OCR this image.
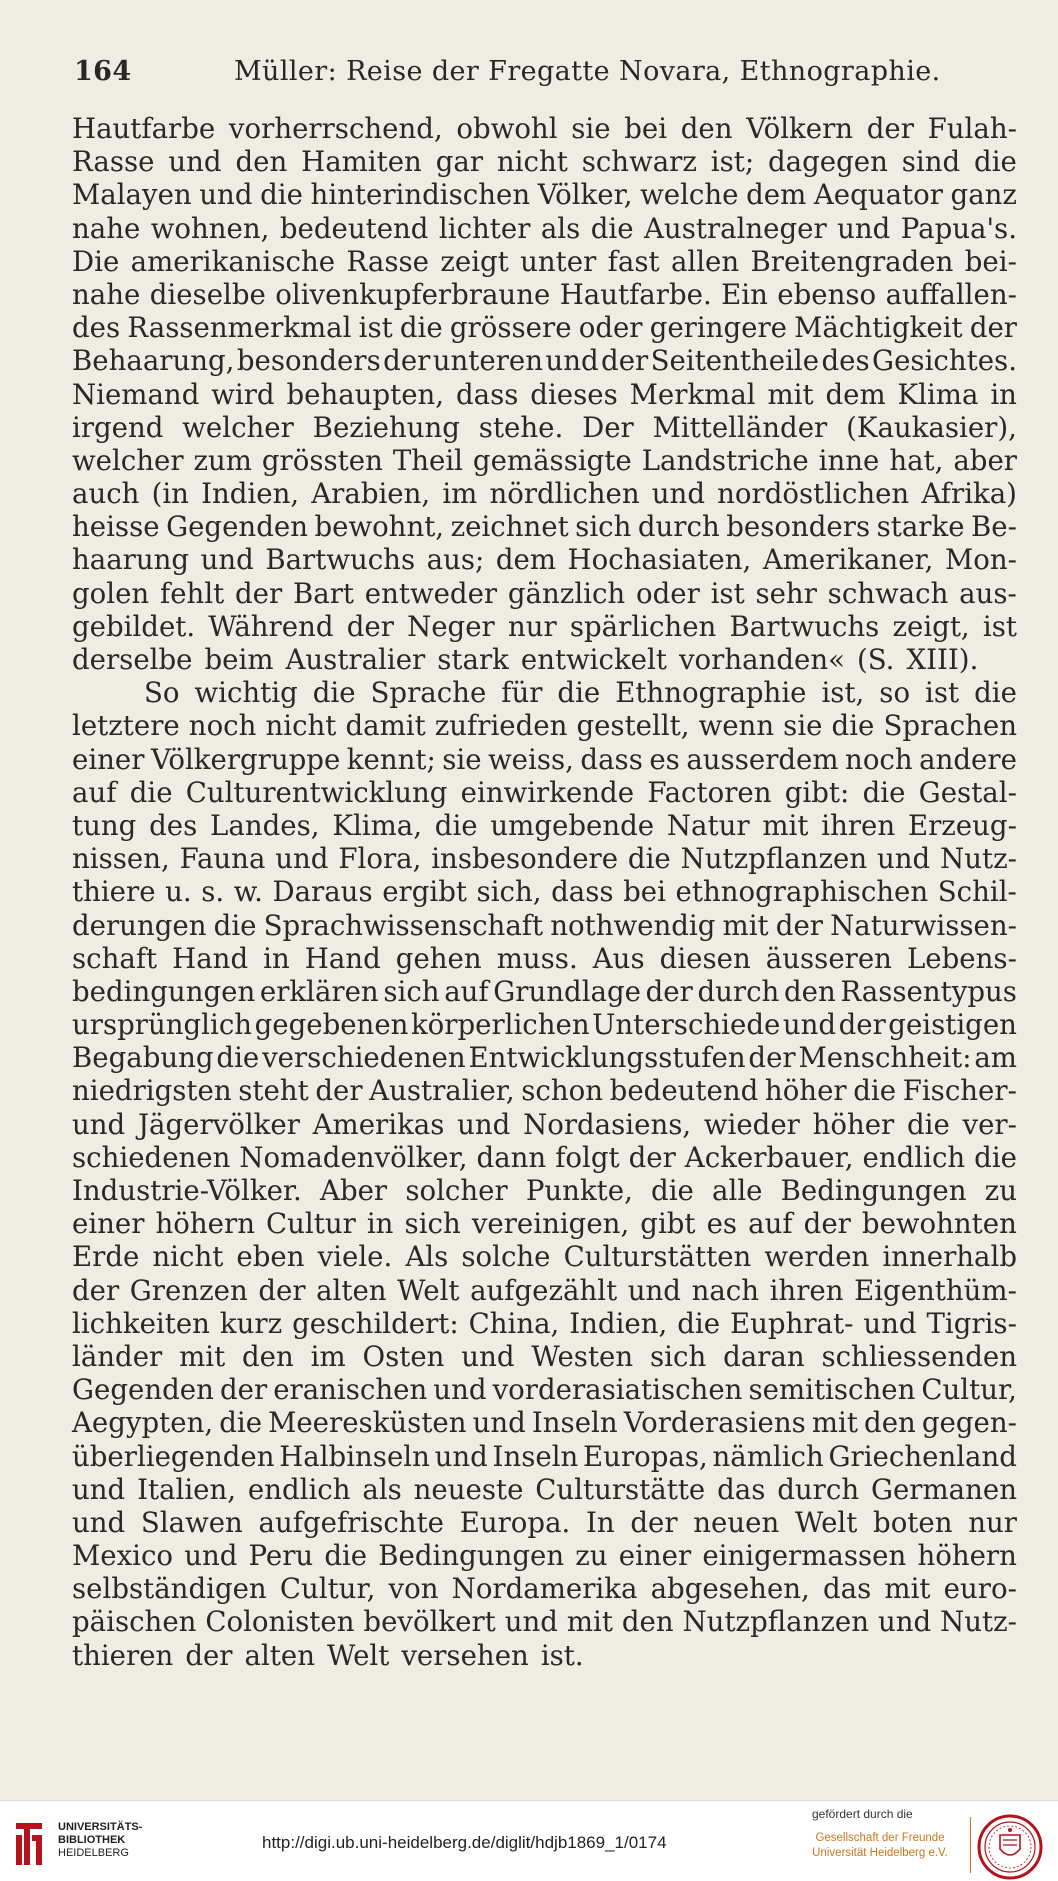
164	Müller: Reise der Fregatte Novara, Ethnographie.
Hautfarbe vorherrschend, obwohl sie bei den Völkern der Fulah-
Rasse und den Hamiten gar nicht schwarz ist; dagegen sind die
Malayen und die hinterindischen Völker, welche dem Aequator ganz
nahe wohnen, bedeutend lichter als die Australneger und Papua's.
Die amerikanische Rasse zeigt unter fast allen Breitengraden bei-
nahe dieselbe olivenkupferbraune Hautfarbe. Ein ebenso auffallen-
des Rassenmerkmal ist die grössere oder geringere Mächtigkeit der
Behaarung, besonders der unteren und der Seitentheile des Gesichtes.
Niemand wird behaupten, dass dieses Merkmal mit dem Klima in
irgend welcher Beziehung stehe. Der Mittelländer (Kaukasier),
welcher zum grössten Theil gemässigte Landstriche inne hat, aber
auch (in Indien, Arabien, im nördlichen und nordöstlichen Afrika)
heisse Gegenden bewohnt, zeichnet sich durch besonders starke Be-
haarung und Bartwuchs aus; dem Hochasiaten, Amerikaner, Mon-
golen fehlt der Bart entweder gänzlich oder ist sehr schwach aus-
gebildet. Während der Neger nur spärlichen Bartwuchs zeigt, ist
derselbe beim Australier stark entwickelt vorhanden« (S. XIII).
So wichtig die Sprache für die Ethnographie ist, so ist die
letztere noch nicht damit zufrieden gestellt, wenn sie die Sprachen
einer Völkergruppe kennt; sie weiss, dass es ausserdem noch andere
auf die Culturentwicklung einwirkende Factoren gibt: die Gestal-
tung des Landes, Klima, die umgebende Natur mit ihren Erzeug-
nissen, Fauna und Flora, insbesondere die Nutzpflanzen und Nutz-
thiere u. s. w. Daraus ergibt sich, dass bei ethnographischen Schil-
derungen die Sprachwissenschaft nothwendig mit der Naturwissen-
schaft Hand in Hand gehen muss. Aus diesen äusseren Lebens-
bedingungen erklären sich auf Grundlage der durch den Rassentypus
ursprünglich gegebenen körperlichen Unterschiede und der geistigen
Begabung die verschiedenen Entwicklungsstufen der Menschheit: am
niedrigsten steht der Australier, schon bedeutend höher die Fischer-
und Jägervölker Amerikas und Nordasiens, wieder höher die ver-
schiedenen Nomadenvölker, dann folgt der Ackerbauer, endlich die
Industrie-Völker. Aber solcher Punkte, die alle Bedingungen zu
einer höhern Cultur in sich vereinigen, gibt es auf der bewohnten
Erde nicht eben viele. Als solche Culturstätten werden innerhalb
der Grenzen der alten Welt aufgezählt und nach ihren Eigenthüm-
lichkeiten kurz geschildert: China, Indien, die Euphrat- und Tigris-
länder mit den im Osten und Westen sich daran schliessenden
Gegenden der eranischen und vorderasiatischen semitischen Cultur,
Aegypten, die Meeresküsten und Inseln Vorderasiens mit den gegen-
überliegenden Halbinseln und Inseln Europas, nämlich Griechenland
und Italien, endlich als neueste Culturstätte das durch Germanen
und Slawen aufgefrischte Europa. In der neuen Welt boten nur
Mexico und Peru die Bedingungen zu einer einigermassen höhern
selbständigen Cultur, von Nordamerika abgesehen, das mit euro-
päischen Colonisten bevölkert und mit den Nutzpflanzen und Nutz-
thieren der alten Welt versehen ist.
UNIVERSITÄTS-
BIBLIOTHEK
HEIDELBERG
http://digi.ub.uni-heidelberg.de/diglit/hdjb1869_1/0174
gefördert durch die
Gesellschaft der Freunde
Universität Heidelberg e.V.
